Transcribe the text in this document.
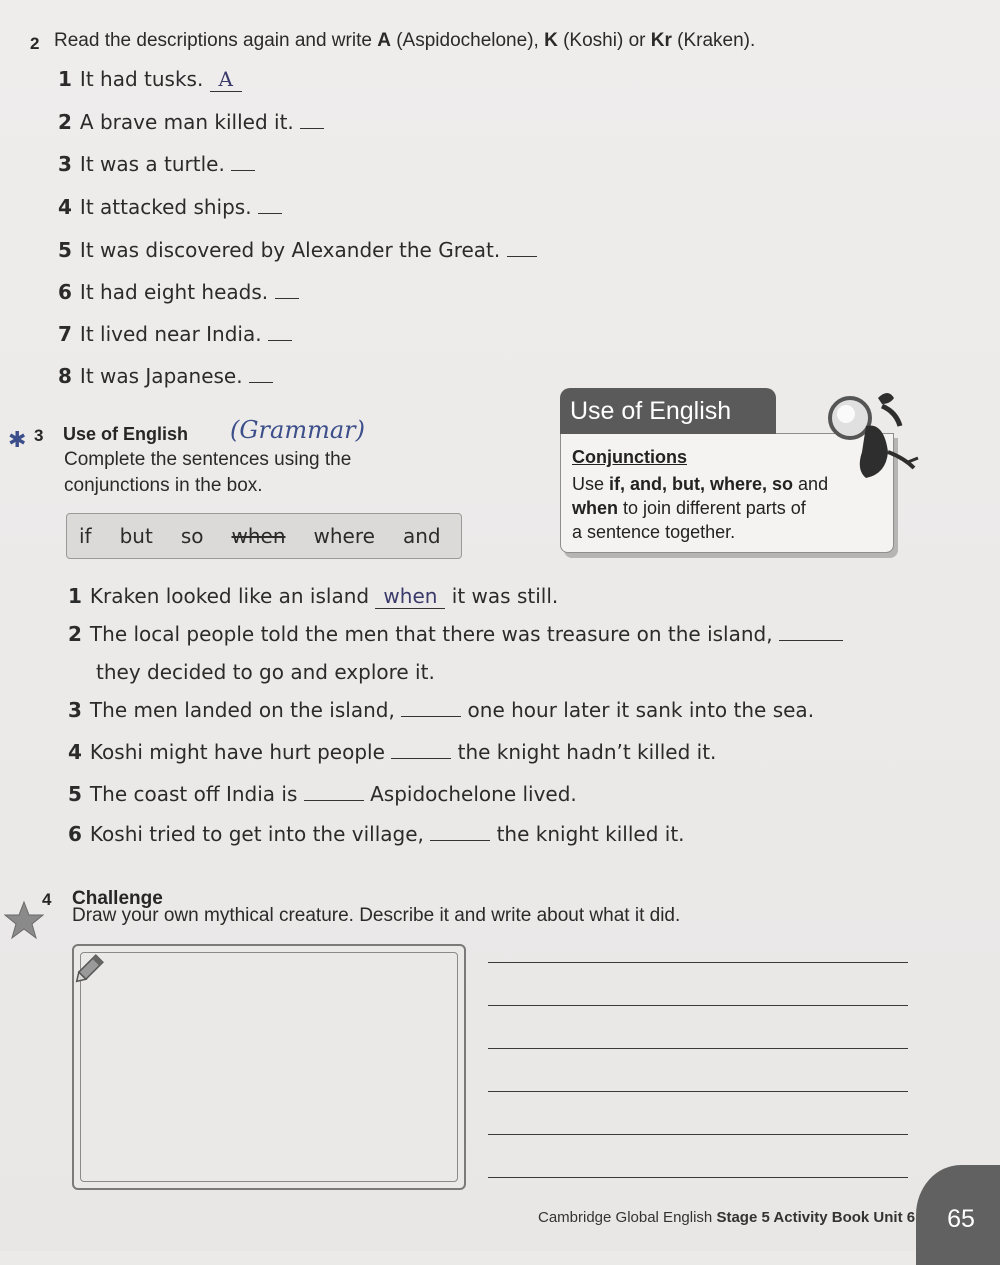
2 Read the descriptions again and write A (Aspidochelone), K (Koshi) or Kr (Kraken).
1 It had tusks. A
2 A brave man killed it.
3 It was a turtle.
4 It attacked ships.
5 It was discovered by Alexander the Great.
6 It had eight heads.
7 It lived near India.
8 It was Japanese.
✱ 3 Use of English (Grammar)
Complete the sentences using the
conjunctions in the box.
if but so when where and
Use of English
Conjunctions
Use if, and, but, where, so and
when to join different parts of
a sentence together.
1 Kraken looked like an island when it was still.
2 The local people told the men that there was treasure on the island,
they decided to go and explore it.
3 The men landed on the island,	one hour later it sank into the sea.
4 Koshi might have hurt people	the knight hadn’t killed it.
5 The coast off India is	Aspidochelone lived.
6 Koshi tried to get into the village,	the knight killed it.
4 Challenge
Draw your own mythical creature. Describe it and write about what it did.
Cambridge Global English Stage 5 Activity Book Unit 6 65
